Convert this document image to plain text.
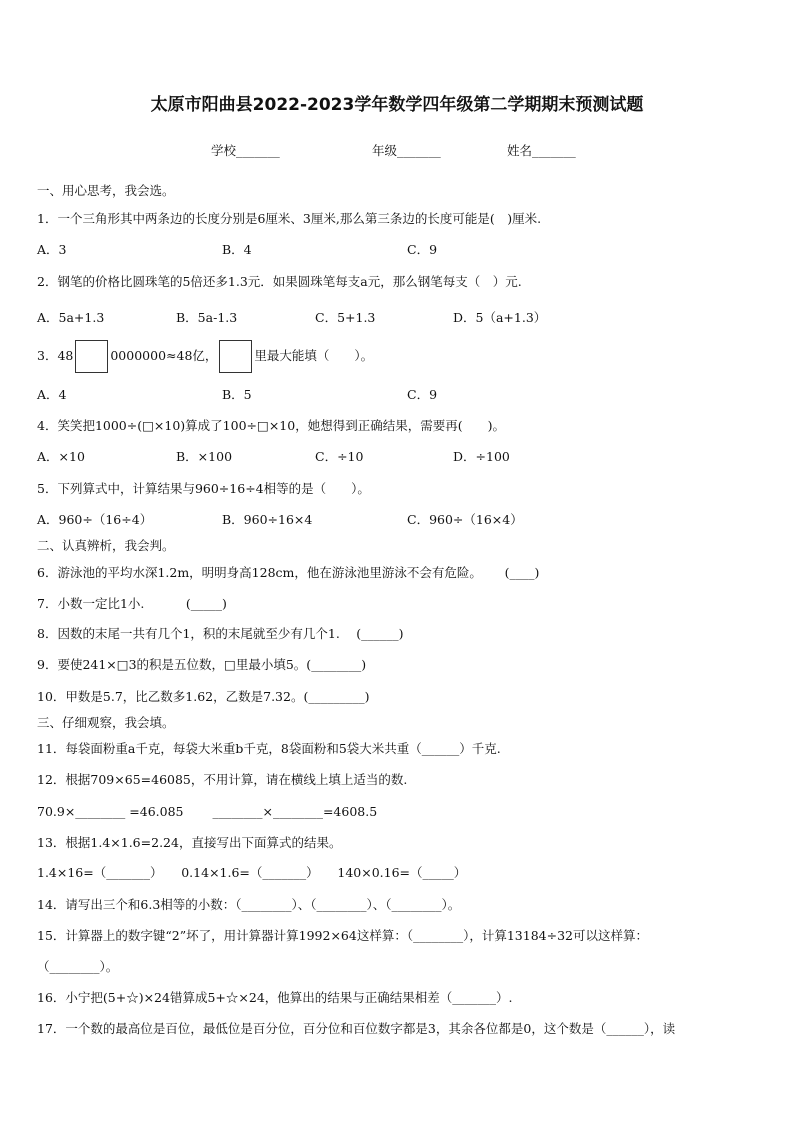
太原市阳曲县2022-2023学年数学四年级第二学期期末预测试题
学校_______	年级_______	姓名_______
一、用心思考，我会选。
1．一个三角形其中两条边的长度分别是6厘米、3厘米,那么第三条边的长度可能是(　)厘米.
A．3	B．4	C．9
2．钢笔的价格比圆珠笔的5倍还多1.3元．如果圆珠笔每支a元，那么钢笔每支（　）元.
A．5a+1.3	B．5a-1.3	C．5+1.3	D．5（a+1.3）
3．48	0000000≈48亿，	里最大能填（　　）。
A．4	B．5	C．9
4．笑笑把1000÷(□×10)算成了100÷□×10，她想得到正确结果，需要再(　　)。
A．×10	B．×100	C．÷10	D．÷100
5．下列算式中，计算结果与960÷16÷4相等的是（　　）。
A．960÷（16÷4）	B．960÷16×4	C．960÷（16×4）
二、认真辨析，我会判。
6．游泳池的平均水深1.2m，明明身高128cm，他在游泳池里游泳不会有危险。　　 (____)
7．小数一定比1小.　　　 (_____)
8．因数的末尾一共有几个1，积的末尾就至少有几个1.　 (______)
9．要使241×□3的积是五位数，□里最小填5。(________)
10．甲数是5.7，比乙数多1.62，乙数是7.32。(_________)
三、仔细观察，我会填。
11．每袋面粉重a千克，每袋大米重b千克，8袋面粉和5袋大米共重（______）千克.
12．根据709×65=46085，不用计算，请在横线上填上适当的数.
70.9×________ =46.085　　 ________×________=4608.5
13．根据1.4×1.6=2.24，直接写出下面算式的结果。
1.4×16=（_______）　　0.14×1.6=（_______）　　140×0.16=（_____）
14．请写出三个和6.3相等的小数：（________）、（________）、（________）。
15．计算器上的数字键“2”坏了，用计算器计算1992×64这样算：（________），计算13184÷32可以这样算：
（________）。
16．小宁把(5+☆)×24错算成5+☆×24，他算出的结果与正确结果相差（_______）.
17．一个数的最高位是百位，最低位是百分位，百分位和百位数字都是3，其余各位都是0，这个数是（______），读
